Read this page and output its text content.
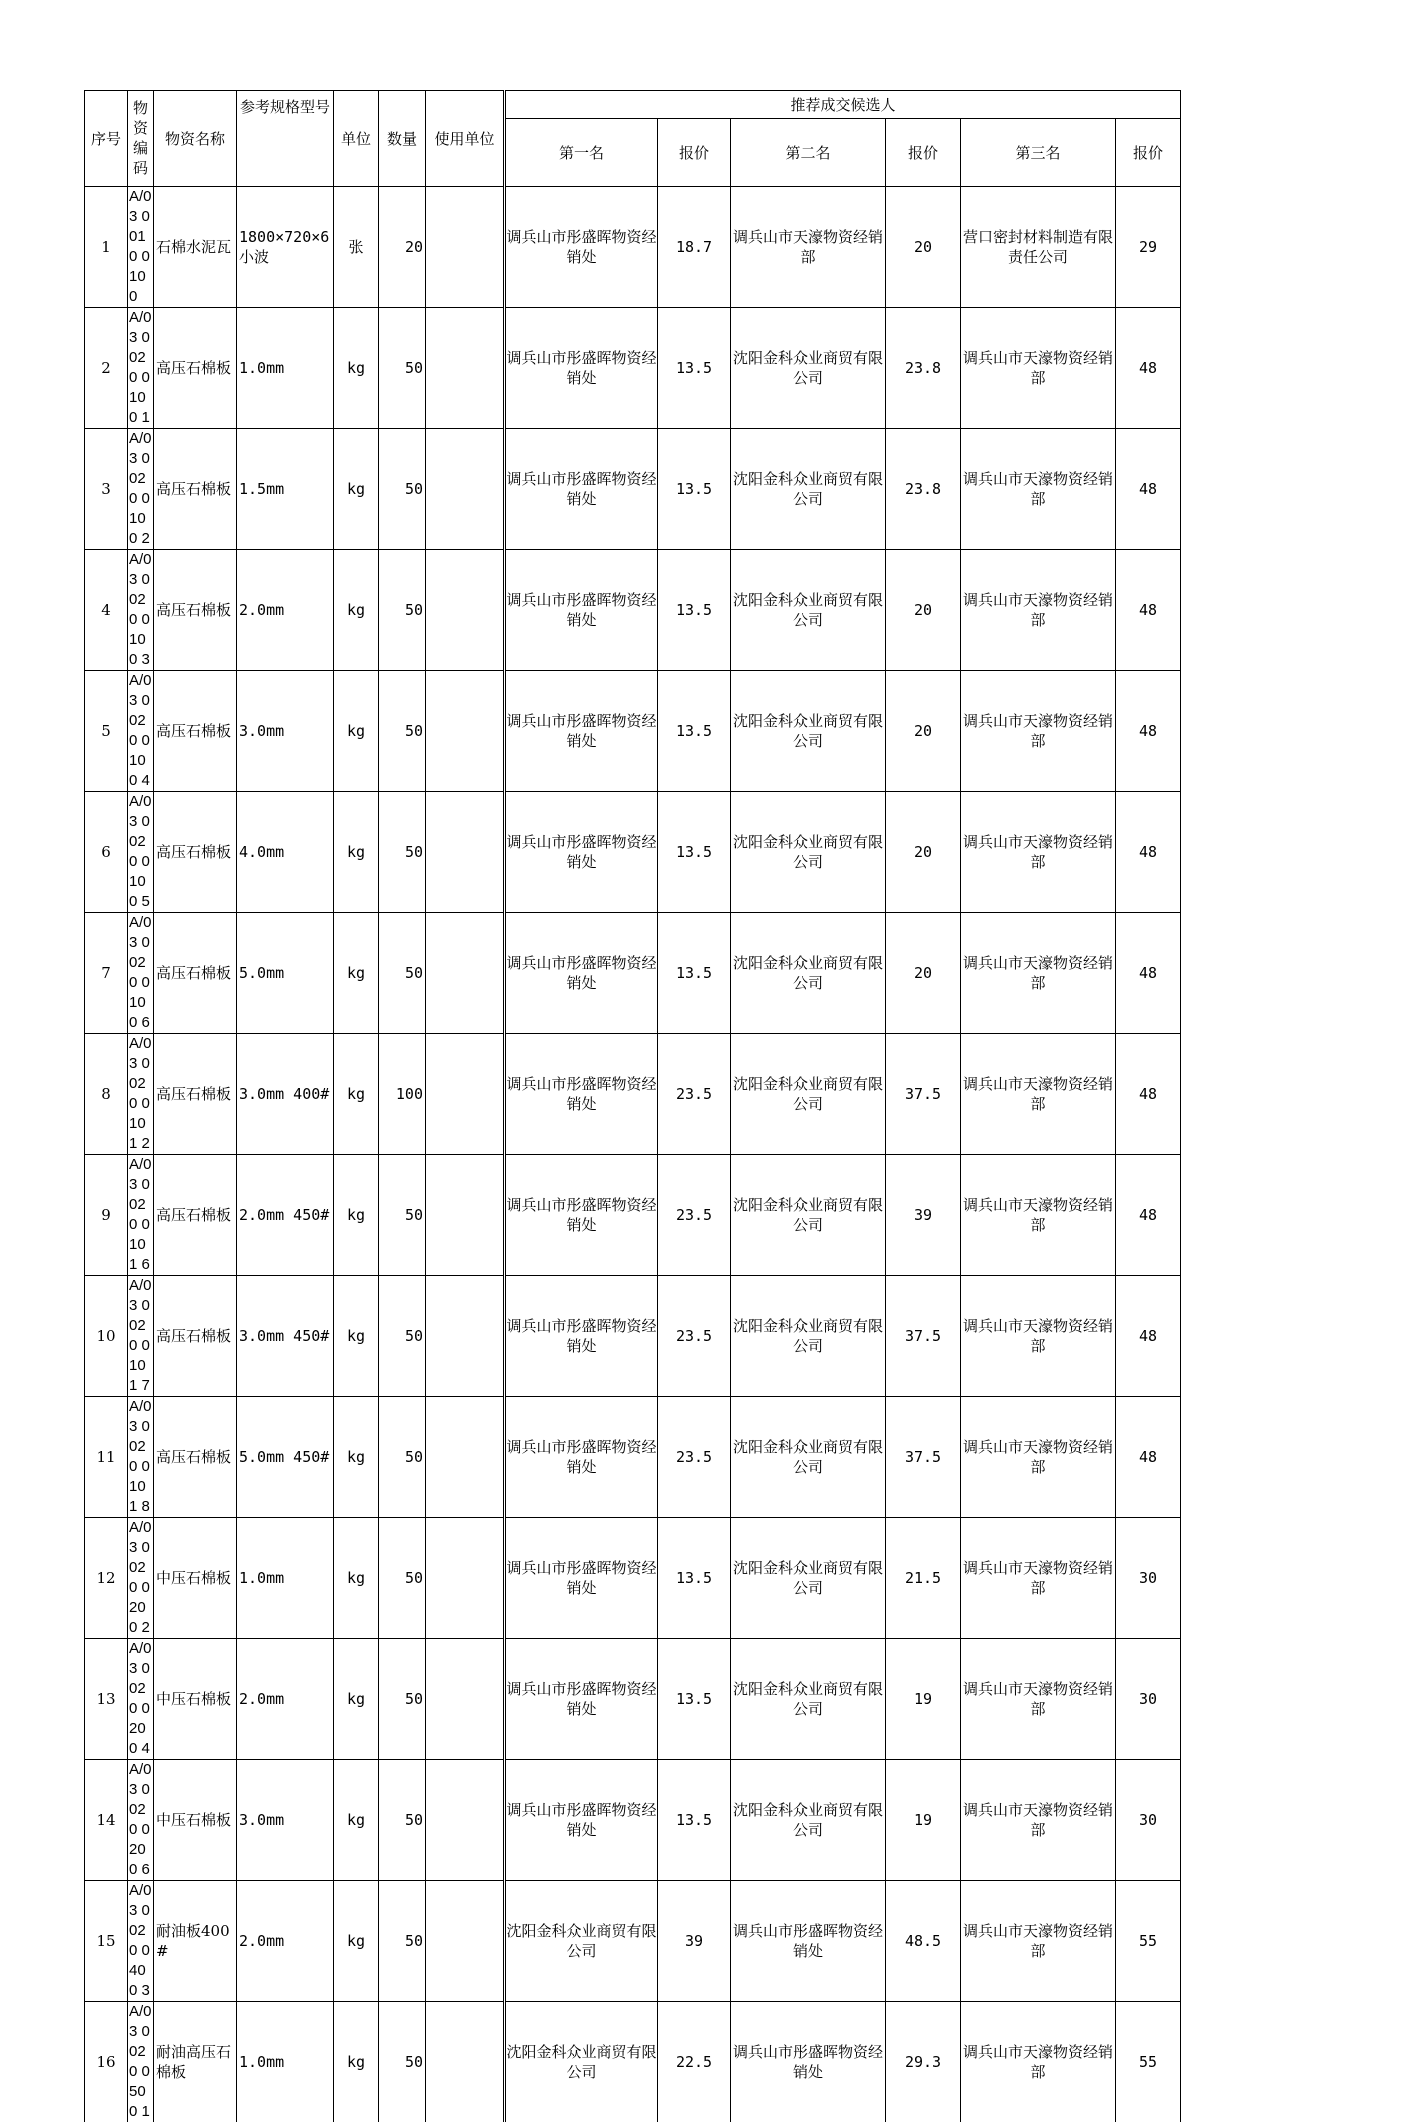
序号	物资编码	物资名称	参考规格型号	单位	数量	使用单位		推荐成交候选人					
								第一名	报价	第二名	报价	第三名	报价
1	A/03 0010 0100	石棉水泥瓦	1800×720×6小波	张	20			调兵山市彤盛晖物资经销处	18.7	调兵山市天濠物资经销部	20	营口密封材料制造有限责任公司	29
2	A/03 0020 0100 1	高压石棉板	1.0mm	kg	50			调兵山市彤盛晖物资经销处	13.5	沈阳金科众业商贸有限公司	23.8	调兵山市天濠物资经销部	48
3	A/03 0020 0100 2	高压石棉板	1.5mm	kg	50			调兵山市彤盛晖物资经销处	13.5	沈阳金科众业商贸有限公司	23.8	调兵山市天濠物资经销部	48
4	A/03 0020 0100 3	高压石棉板	2.0mm	kg	50			调兵山市彤盛晖物资经销处	13.5	沈阳金科众业商贸有限公司	20	调兵山市天濠物资经销部	48
5	A/03 0020 0100 4	高压石棉板	3.0mm	kg	50			调兵山市彤盛晖物资经销处	13.5	沈阳金科众业商贸有限公司	20	调兵山市天濠物资经销部	48
6	A/03 0020 0100 5	高压石棉板	4.0mm	kg	50			调兵山市彤盛晖物资经销处	13.5	沈阳金科众业商贸有限公司	20	调兵山市天濠物资经销部	48
7	A/03 0020 0100 6	高压石棉板	5.0mm	kg	50			调兵山市彤盛晖物资经销处	13.5	沈阳金科众业商贸有限公司	20	调兵山市天濠物资经销部	48
8	A/03 0020 0101 2	高压石棉板	3.0mm 400#	kg	100			调兵山市彤盛晖物资经销处	23.5	沈阳金科众业商贸有限公司	37.5	调兵山市天濠物资经销部	48
9	A/03 0020 0101 6	高压石棉板	2.0mm 450#	kg	50			调兵山市彤盛晖物资经销处	23.5	沈阳金科众业商贸有限公司	39	调兵山市天濠物资经销部	48
10	A/03 0020 0101 7	高压石棉板	3.0mm 450#	kg	50			调兵山市彤盛晖物资经销处	23.5	沈阳金科众业商贸有限公司	37.5	调兵山市天濠物资经销部	48
11	A/03 0020 0101 8	高压石棉板	5.0mm 450#	kg	50			调兵山市彤盛晖物资经销处	23.5	沈阳金科众业商贸有限公司	37.5	调兵山市天濠物资经销部	48
12	A/03 0020 0200 2	中压石棉板	1.0mm	kg	50			调兵山市彤盛晖物资经销处	13.5	沈阳金科众业商贸有限公司	21.5	调兵山市天濠物资经销部	30
13	A/03 0020 0200 4	中压石棉板	2.0mm	kg	50			调兵山市彤盛晖物资经销处	13.5	沈阳金科众业商贸有限公司	19	调兵山市天濠物资经销部	30
14	A/03 0020 0200 6	中压石棉板	3.0mm	kg	50			调兵山市彤盛晖物资经销处	13.5	沈阳金科众业商贸有限公司	19	调兵山市天濠物资经销部	30
15	A/03 0020 0400 3	耐油板400#	2.0mm	kg	50			沈阳金科众业商贸有限公司	39	调兵山市彤盛晖物资经销处	48.5	调兵山市天濠物资经销部	55
16	A/03 0020 0500 1	耐油高压石棉板	1.0mm	kg	50			沈阳金科众业商贸有限公司	22.5	调兵山市彤盛晖物资经销处	29.3	调兵山市天濠物资经销部	55
